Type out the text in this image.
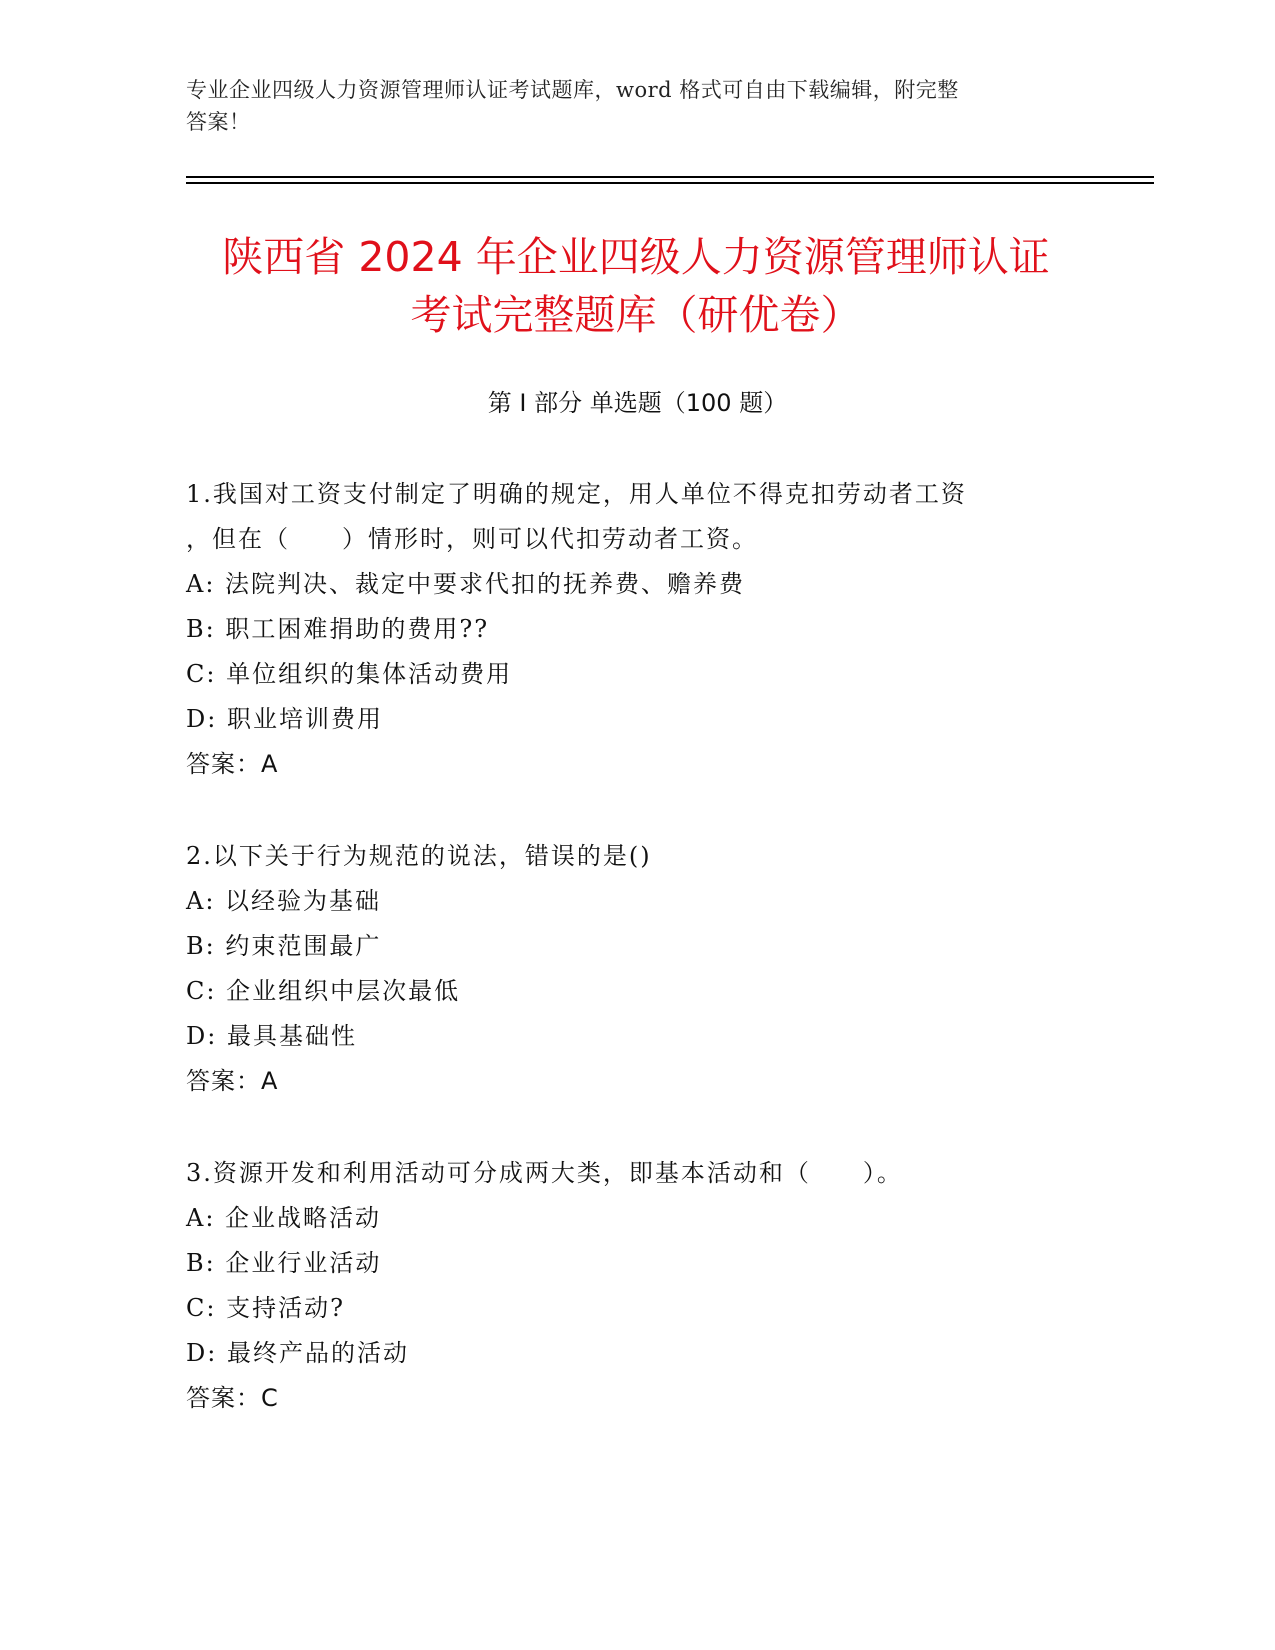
专业企业四级人力资源管理师认证考试题库，word 格式可自由下载编辑，附完整
答案！
陕西省 2024 年企业四级人力资源管理师认证
考试完整题库（研优卷）
第 I 部分 单选题（100 题）
1.我国对工资支付制定了明确的规定，用人单位不得克扣劳动者工资
，但在（　　）情形时，则可以代扣劳动者工资。
A: 法院判决、裁定中要求代扣的抚养费、赡养费
B: 职工困难捐助的费用??
C: 单位组织的集体活动费用
D: 职业培训费用
答案：A
2.以下关于行为规范的说法，错误的是()
A: 以经验为基础
B: 约束范围最广
C: 企业组织中层次最低
D: 最具基础性
答案：A
3.资源开发和利用活动可分成两大类，即基本活动和（　　）。
A: 企业战略活动
B: 企业行业活动
C: 支持活动?
D: 最终产品的活动
答案：C
